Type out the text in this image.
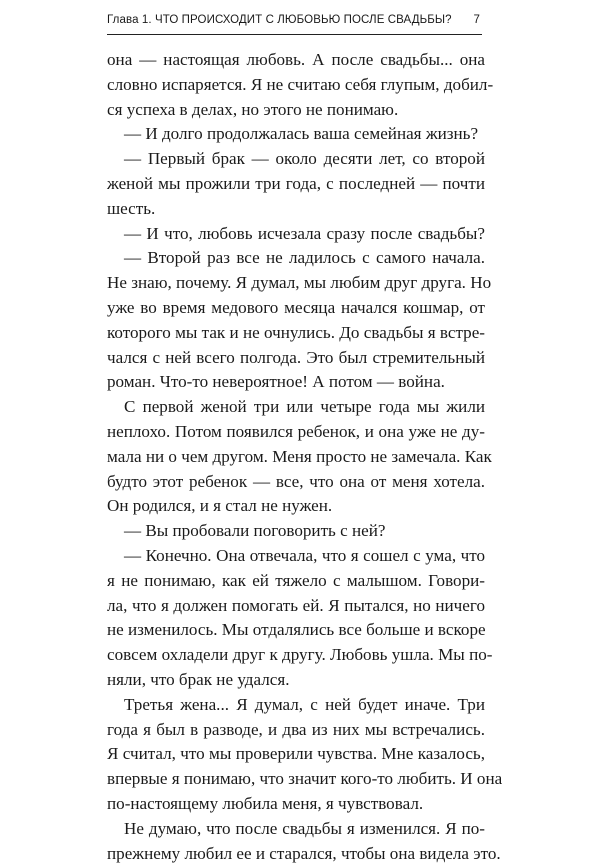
Глава 1. ЧТО ПРОИСХОДИТ С ЛЮБОВЬЮ ПОСЛЕ СВАДЬБЫ? 7
она — настоящая любовь. А после свадьбы... она
словно испаряется. Я не считаю себя глупым, добил-
ся успеха в делах, но этого не понимаю.
— И долго продолжалась ваша семейная жизнь?
— Первый брак — около десяти лет, со второй
женой мы прожили три года, с последней — почти
шесть.
— И что, любовь исчезала сразу после свадьбы?
— Второй раз все не ладилось с самого начала.
Не знаю, почему. Я думал, мы любим друг друга. Но
уже во время медового месяца начался кошмар, от
которого мы так и не очнулись. До свадьбы я встре-
чался с ней всего полгода. Это был стремительный
роман. Что-то невероятное! А потом — война.
С первой женой три или четыре года мы жили
неплохо. Потом появился ребенок, и она уже не ду-
мала ни о чем другом. Меня просто не замечала. Как
будто этот ребенок — все, что она от меня хотела.
Он родился, и я стал не нужен.
— Вы пробовали поговорить с ней?
— Конечно. Она отвечала, что я сошел с ума, что
я не понимаю, как ей тяжело с малышом. Говори-
ла, что я должен помогать ей. Я пытался, но ничего
не изменилось. Мы отдалялись все больше и вскоре
совсем охладели друг к другу. Любовь ушла. Мы по-
няли, что брак не удался.
Третья жена... Я думал, с ней будет иначе. Три
года я был в разводе, и два из них мы встречались.
Я считал, что мы проверили чувства. Мне казалось,
впервые я понимаю, что значит кого-то любить. И она
по-настоящему любила меня, я чувствовал.
Не думаю, что после свадьбы я изменился. Я по-
прежнему любил ее и старался, чтобы она видела это.
